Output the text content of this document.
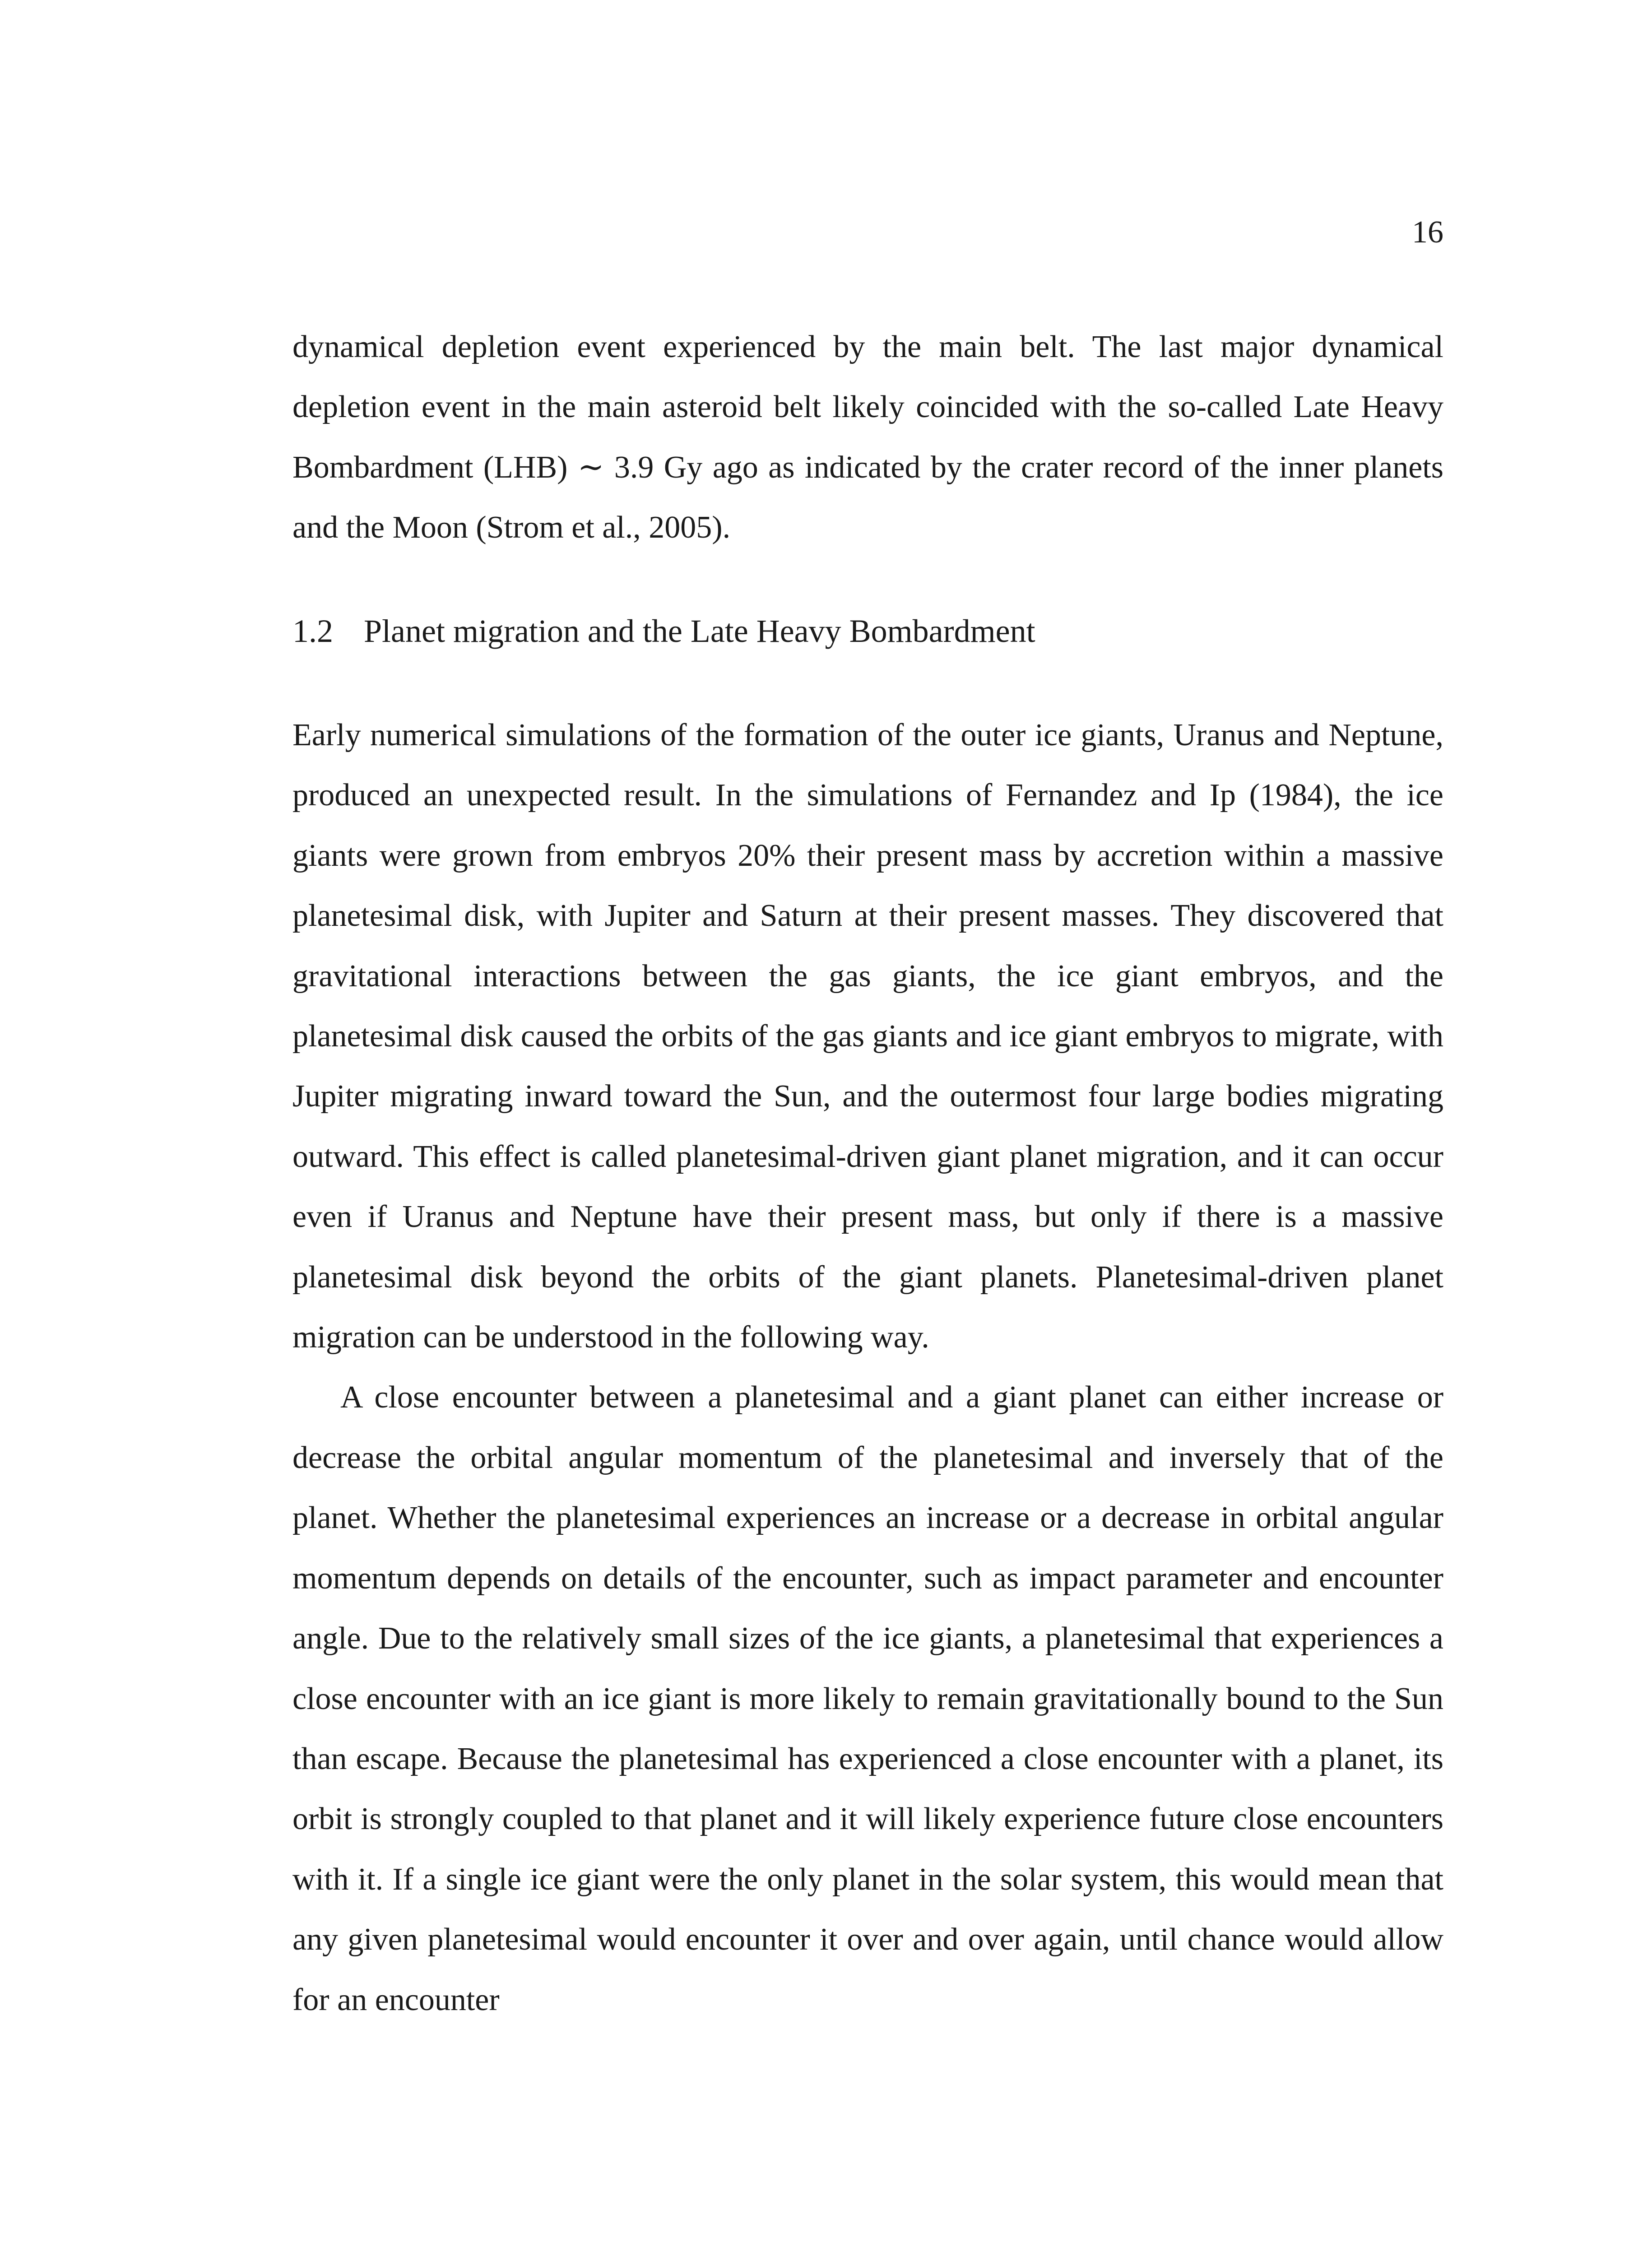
16

dynamical depletion event experienced by the main belt. The last major dynamical depletion event in the main asteroid belt likely coincided with the so-called Late Heavy Bombardment (LHB) ∼ 3.9 Gy ago as indicated by the crater record of the inner planets and the Moon (Strom et al., 2005).

1.2 Planet migration and the Late Heavy Bombardment

Early numerical simulations of the formation of the outer ice giants, Uranus and Neptune, produced an unexpected result. In the simulations of Fernandez and Ip (1984), the ice giants were grown from embryos 20% their present mass by accretion within a massive planetesimal disk, with Jupiter and Saturn at their present masses. They discovered that gravitational interactions between the gas giants, the ice giant embryos, and the planetesimal disk caused the orbits of the gas giants and ice giant embryos to migrate, with Jupiter migrating inward toward the Sun, and the outermost four large bodies migrating outward. This effect is called planetesimal-driven giant planet migration, and it can occur even if Uranus and Neptune have their present mass, but only if there is a massive planetesimal disk beyond the orbits of the giant planets. Planetesimal-driven planet migration can be understood in the following way.

A close encounter between a planetesimal and a giant planet can either increase or decrease the orbital angular momentum of the planetesimal and inversely that of the planet. Whether the planetesimal experiences an increase or a decrease in orbital angular momentum depends on details of the encounter, such as impact parameter and encounter angle. Due to the relatively small sizes of the ice giants, a planetesimal that experiences a close encounter with an ice giant is more likely to remain gravitationally bound to the Sun than escape. Because the planetesimal has experienced a close encounter with a planet, its orbit is strongly coupled to that planet and it will likely experience future close encounters with it. If a single ice giant were the only planet in the solar system, this would mean that any given planetesimal would encounter it over and over again, until chance would allow for an encounter
